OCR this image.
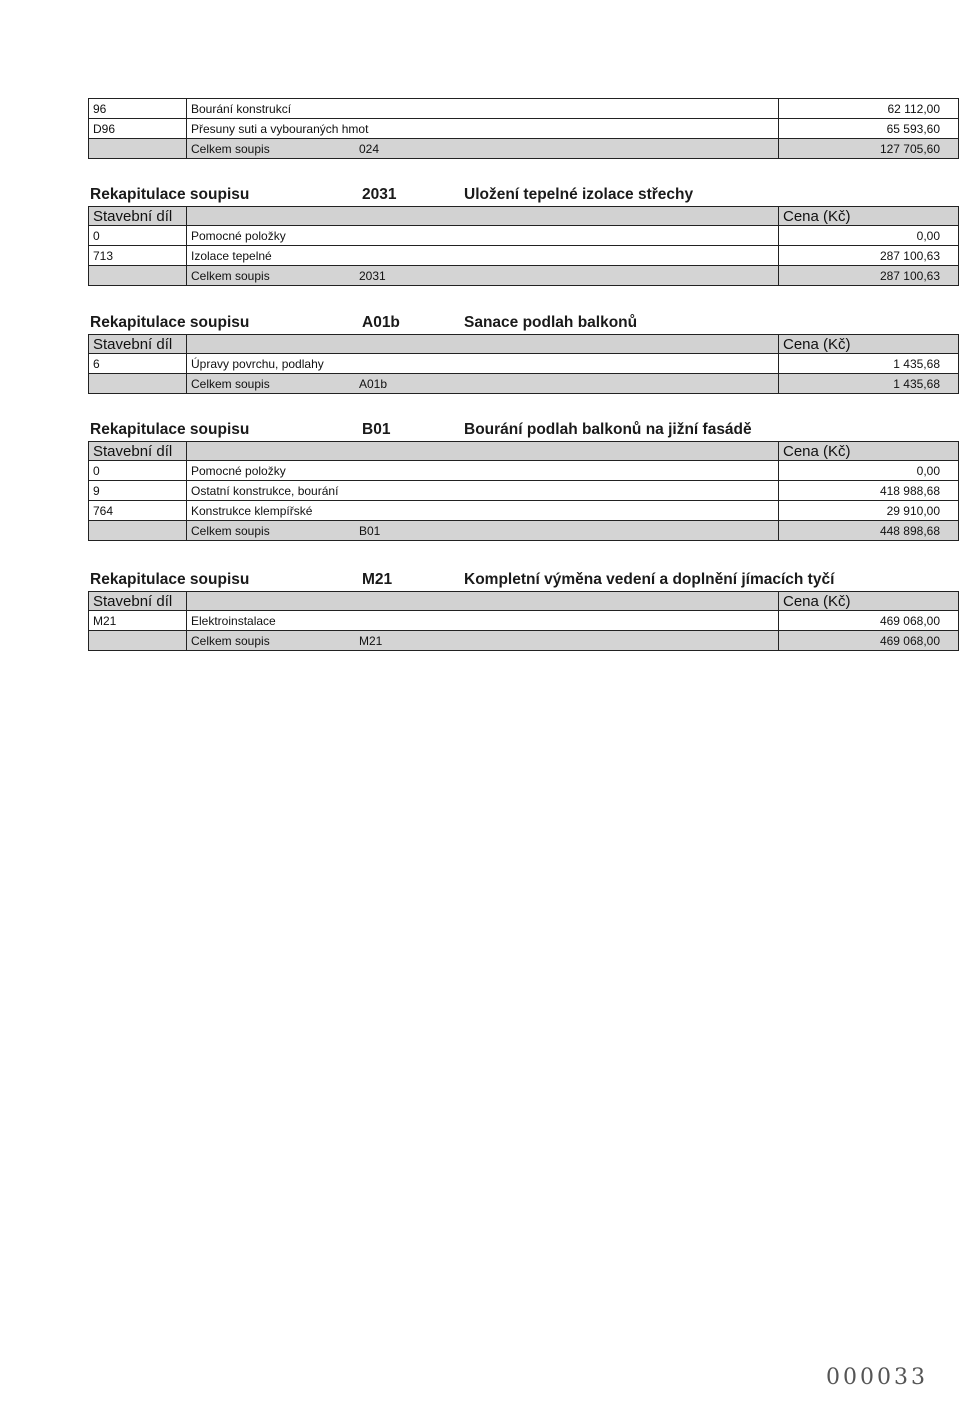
96	Bourání konstrukcí	62 112,00
D96	Přesuny suti a vybouraných hmot	65 593,60
	Celkem soupis 024	127 705,60
Rekapitulace soupisu	2031	Uložení tepelné izolace střechy
Stavební díl		Cena (Kč)
0	Pomocné položky	0,00
713	Izolace tepelné	287 100,63
	Celkem soupis 2031	287 100,63
Rekapitulace soupisu	A01b	Sanace podlah balkonů
Stavební díl		Cena (Kč)
6	Úpravy povrchu, podlahy	1 435,68
	Celkem soupis A01b	1 435,68
Rekapitulace soupisu	B01	Bourání podlah balkonů na jižní fasádě
Stavební díl		Cena (Kč)
0	Pomocné položky	0,00
9	Ostatní konstrukce, bourání	418 988,68
764	Konstrukce klempířské	29 910,00
	Celkem soupis B01	448 898,68
Rekapitulace soupisu	M21	Kompletní výměna vedení a doplnění jímacích tyčí
Stavební díl		Cena (Kč)
M21	Elektroinstalace	469 068,00
	Celkem soupis M21	469 068,00
000033
